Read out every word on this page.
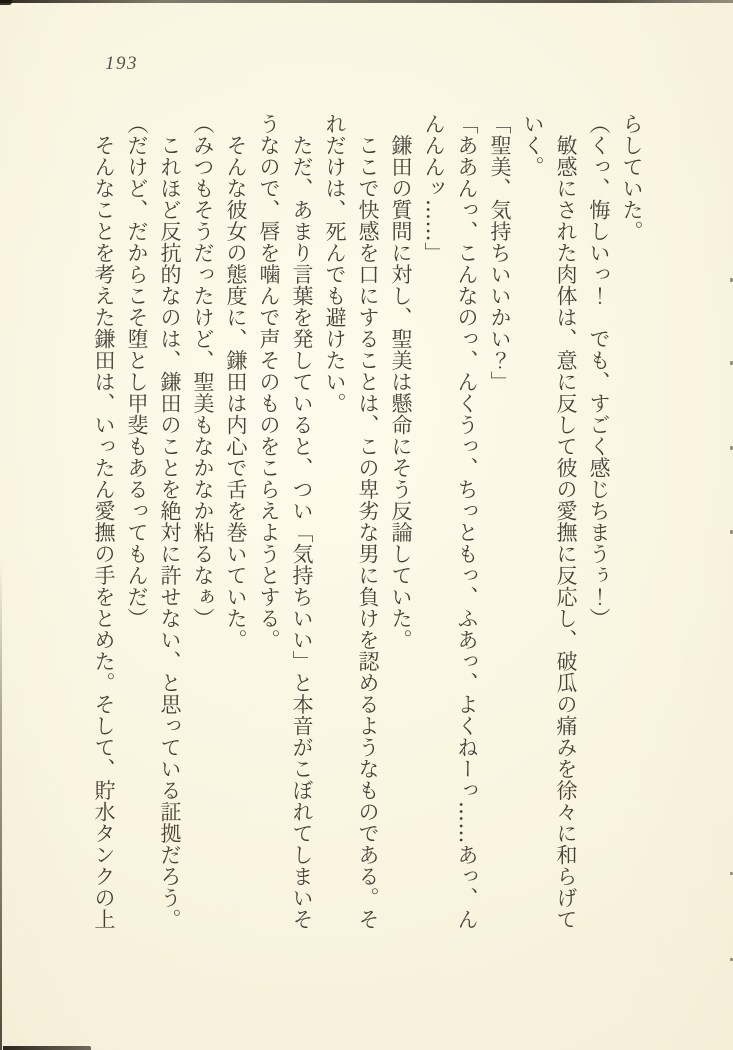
193
らしていた。
（くっ、悔しいっ！　でも、すごく感じちまうぅ！）
　敏感にされた肉体は、意に反して彼の愛撫に反応し、破瓜の痛みを徐々に和らげて
いく。
「聖美、気持ちいいかい？」
「ああんっ、こんなのっ、んくうっ、ちっともっ、ふあっ、よくねーっ……あっ、ん
んんんッ……」
　鎌田の質問に対し、聖美は懸命にそう反論していた。
　ここで快感を口にすることは、この卑劣な男に負けを認めるようなものである。そ
れだけは、死んでも避けたい。
　ただ、あまり言葉を発していると、つい「気持ちいい」と本音がこぼれてしまいそ
うなので、唇を噛んで声そのものをこらえようとする。
　そんな彼女の態度に、鎌田は内心で舌を巻いていた。
（みつもそうだったけど、聖美もなかなか粘るなぁ）
　これほど反抗的なのは、鎌田のことを絶対に許せない、と思っている証拠だろう。
（だけど、だからこそ堕とし甲斐もあるってもんだ）
　そんなことを考えた鎌田は、いったん愛撫の手をとめた。そして、貯水タンクの上
